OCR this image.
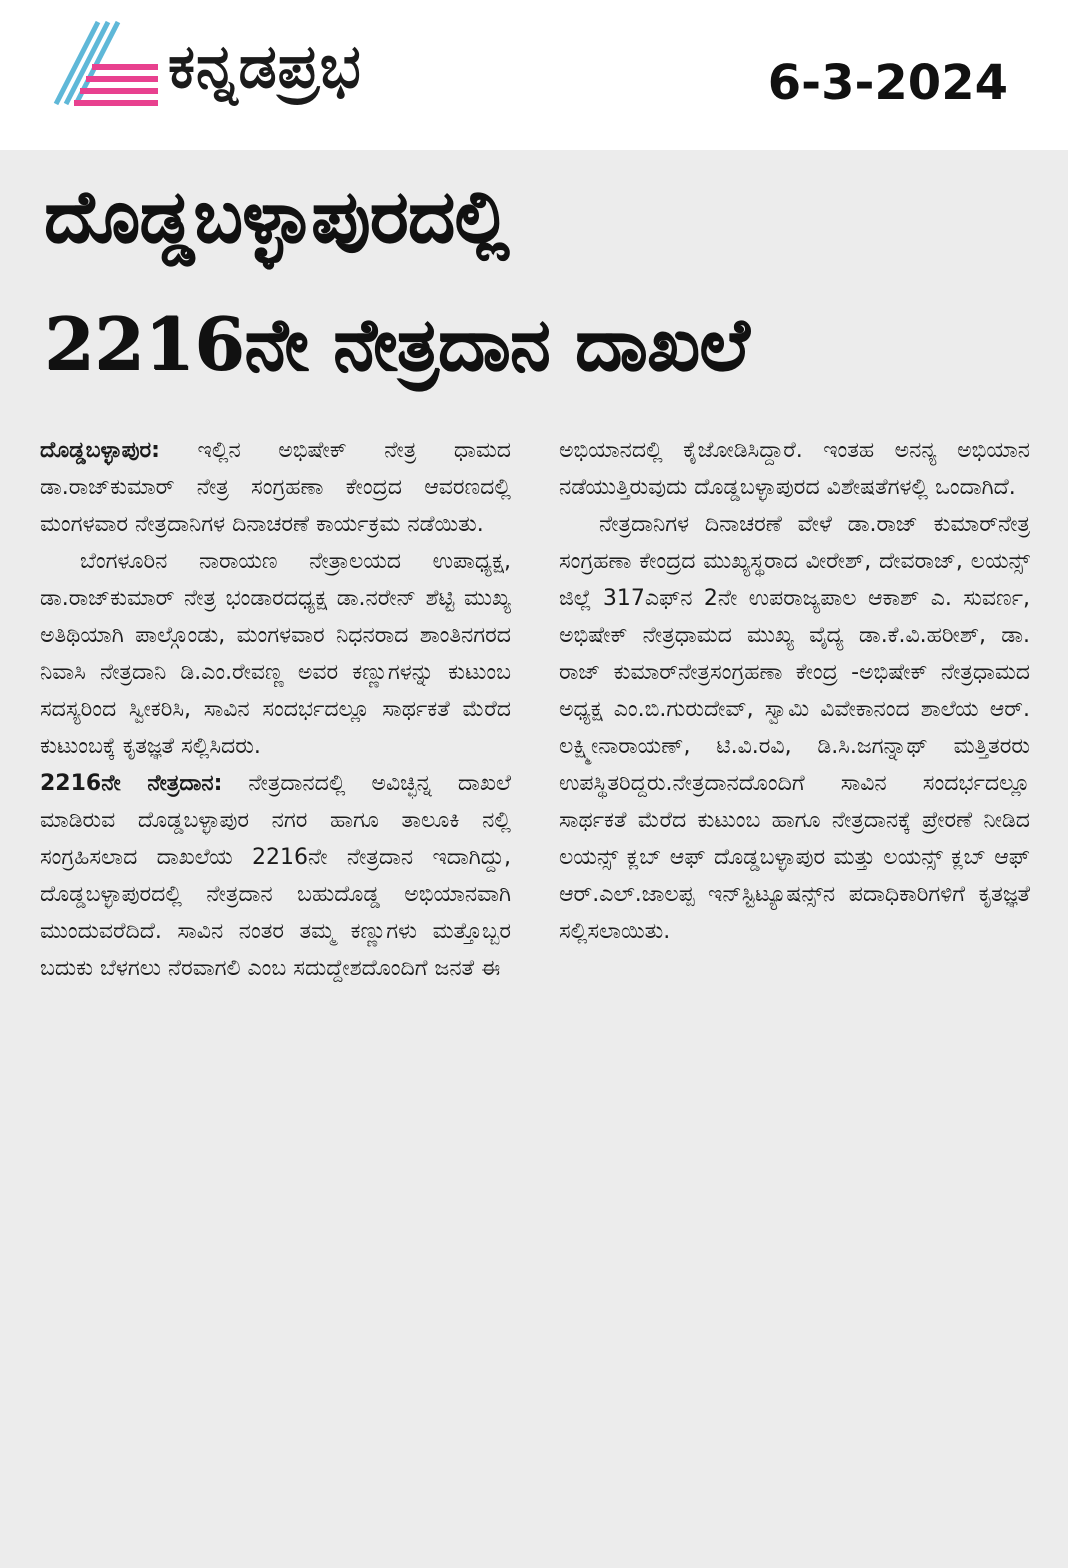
ಕನ್ನಡಪ್ರಭ	6-3-2024
ದೊಡ್ಡಬಳ್ಳಾಪುರದಲ್ಲಿ
2216ನೇ ನೇತ್ರದಾನ ದಾಖಲೆ

ದೊಡ್ಡಬಳ್ಳಾಪುರ: ಇಲ್ಲಿನ ಅಭಿಷೇಕ್ ನೇತ್ರ ಧಾಮದ ಡಾ.ರಾಜ್‌ಕುಮಾರ್ ನೇತ್ರ ಸಂಗ್ರಹಣಾ ಕೇಂದ್ರದ ಆವರಣದಲ್ಲಿ ಮಂಗಳವಾರ ನೇತ್ರದಾನಿಗಳ ದಿನಾಚರಣೆ ಕಾರ್ಯಕ್ರಮ ನಡೆಯಿತು.

ಬೆಂಗಳೂರಿನ ನಾರಾಯಣ ನೇತ್ರಾಲಯದ ಉಪಾಧ್ಯಕ್ಷ, ಡಾ.ರಾಜ್‌ಕುಮಾರ್ ನೇತ್ರ ಭಂಡಾರದಧ್ಯಕ್ಷ ಡಾ.ನರೇನ್ ಶೆಟ್ಟಿ ಮುಖ್ಯ ಅತಿಥಿಯಾಗಿ ಪಾಲ್ಗೊಂಡು, ಮಂಗಳವಾರ ನಿಧನರಾದ ಶಾಂತಿನಗರದ ನಿವಾಸಿ ನೇತ್ರದಾನಿ ಡಿ.ಎಂ.ರೇವಣ್ಣ ಅವರ ಕಣ್ಣುಗಳನ್ನು ಕುಟುಂಬ ಸದಸ್ಯರಿಂದ ಸ್ವೀಕರಿಸಿ, ಸಾವಿನ ಸಂದರ್ಭದಲ್ಲೂ ಸಾರ್ಥಕತೆ ಮೆರೆದ ಕುಟುಂಬಕ್ಕೆ ಕೃತಜ್ಞತೆ ಸಲ್ಲಿಸಿದರು.

2216ನೇ ನೇತ್ರದಾನ: ನೇತ್ರದಾನದಲ್ಲಿ ಅವಿಚ್ಛಿನ್ನ ದಾಖಲೆ ಮಾಡಿರುವ ದೊಡ್ಡಬಳ್ಳಾಪುರ ನಗರ ಹಾಗೂ ತಾಲೂಕಿ ನಲ್ಲಿ ಸಂಗ್ರಹಿಸಲಾದ ದಾಖಲೆಯ 2216ನೇ ನೇತ್ರದಾನ ಇದಾಗಿದ್ದು, ದೊಡ್ಡಬಳ್ಳಾಪುರದಲ್ಲಿ ನೇತ್ರದಾನ ಬಹುದೊಡ್ಡ ಅಭಿಯಾನವಾಗಿ ಮುಂದುವರೆದಿದೆ. ಸಾವಿನ ನಂತರ ತಮ್ಮ ಕಣ್ಣುಗಳು ಮತ್ತೊಬ್ಬರ ಬದುಕು ಬೆಳಗಲು ನೆರವಾಗಲಿ ಎಂಬ ಸದುದ್ದೇಶದೊಂದಿಗೆ ಜನತೆ ಈ

ಅಭಿಯಾನದಲ್ಲಿ ಕೈಜೋಡಿಸಿದ್ದಾರೆ. ಇಂತಹ ಅನನ್ಯ ಅಭಿಯಾನ ನಡೆಯುತ್ತಿರುವುದು ದೊಡ್ಡಬಳ್ಳಾಪುರದ ವಿಶೇಷತೆಗಳಲ್ಲಿ ಒಂದಾಗಿದೆ.

ನೇತ್ರದಾನಿಗಳ ದಿನಾಚರಣೆ ವೇಳೆ ಡಾ.ರಾಜ್ ಕುಮಾರ್‌ನೇತ್ರ ಸಂಗ್ರಹಣಾ ಕೇಂದ್ರದ ಮುಖ್ಯಸ್ಥರಾದ ವೀರೇಶ್, ದೇವರಾಜ್, ಲಯನ್ಸ್ ಜಿಲ್ಲೆ 317ಎಫ್‌ನ 2ನೇ ಉಪರಾಜ್ಯಪಾಲ ಆಕಾಶ್ ಎ. ಸುವರ್ಣ, ಅಭಿಷೇಕ್ ನೇತ್ರಧಾಮದ ಮುಖ್ಯ ವೈದ್ಯ ಡಾ.ಕೆ.ವಿ.ಹರೀಶ್, ಡಾ. ರಾಜ್ ಕುಮಾರ್‌ನೇತ್ರಸಂಗ್ರಹಣಾ ಕೇಂದ್ರ -ಅಭಿಷೇಕ್ ನೇತ್ರಧಾಮದ ಅಧ್ಯಕ್ಷ ಎಂ.ಬಿ.ಗುರುದೇವ್, ಸ್ವಾಮಿ ವಿವೇಕಾನಂದ ಶಾಲೆಯ ಆರ್. ಲಕ್ಷ್ಮೀನಾರಾಯಣ್, ಟಿ.ವಿ.ರವಿ, ಡಿ.ಸಿ.ಜಗನ್ನಾಥ್ ಮತ್ತಿತರರು ಉಪಸ್ಥಿತರಿದ್ದರು.ನೇತ್ರದಾನದೊಂದಿಗೆ ಸಾವಿನ ಸಂದರ್ಭದಲ್ಲೂ ಸಾರ್ಥಕತೆ ಮೆರೆದ ಕುಟುಂಬ ಹಾಗೂ ನೇತ್ರದಾನಕ್ಕೆ ಪ್ರೇರಣೆ ನೀಡಿದ ಲಯನ್ಸ್ ಕ್ಲಬ್ ಆಫ್ ದೊಡ್ಡಬಳ್ಳಾಪುರ ಮತ್ತು ಲಯನ್ಸ್ ಕ್ಲಬ್ ಆಫ್ ಆರ್.ಎಲ್.ಜಾಲಪ್ಪ ಇನ್‌ಸ್ಟಿಟ್ಯೂಷನ್ಸ್‌ನ ಪದಾಧಿಕಾರಿಗಳಿಗೆ ಕೃತಜ್ಞತೆ ಸಲ್ಲಿಸಲಾಯಿತು.
